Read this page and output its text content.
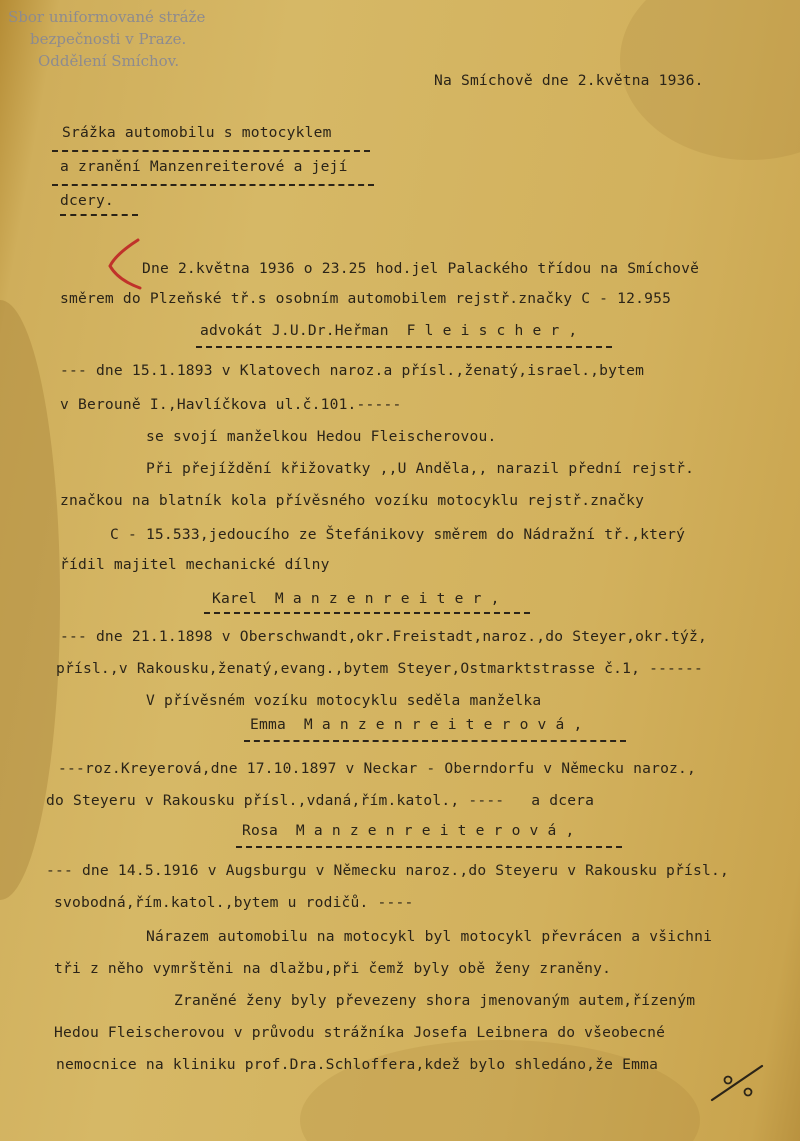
Sbor uniformované stráže
bezpečnosti v Praze.
Oddělení Smíchov.
Na Smíchově dne 2.května 1936.
Srážka automobilu s motocyklem
a zranění Manzenreiterové a její
dcery.
Dne 2.května 1936 o 23.25 hod.jel Palackého třídou na Smíchově
směrem do Plzeňské tř.s osobním automobilem rejstř.značky C - 12.955
advokát J.U.Dr.Heřman  F l e i s c h e r ,
--- dne 15.1.1893 v Klatovech naroz.a přísl.,ženatý,israel.,bytem
v Berouně I.,Havlíčkova ul.č.101.-----
se svojí manželkou Hedou Fleischerovou.
Při přejíždění křižovatky ,,U Anděla,, narazil přední rejstř.
značkou na blatník kola přívěsného vozíku motocyklu rejstř.značky
C - 15.533,jedoucího ze Štefánikovy směrem do Nádražní tř.,který
řídil majitel mechanické dílny
Karel  M a n z e n r e i t e r ,
--- dne 21.1.1898 v Oberschwandt,okr.Freistadt,naroz.,do Steyer,okr.týž,
přísl.,v Rakousku,ženatý,evang.,bytem Steyer,Ostmarktstrasse č.1, ------
V přívěsném vozíku motocyklu seděla manželka
Emma  M a n z e n r e i t e r o v á ,
---roz.Kreyerová,dne 17.10.1897 v Neckar - Oberndorfu v Německu naroz.,
do Steyeru v Rakousku přísl.,vdaná,řím.katol., ----   a dcera
Rosa  M a n z e n r e i t e r o v á ,
--- dne 14.5.1916 v Augsburgu v Německu naroz.,do Steyeru v Rakousku přísl.,
svobodná,řím.katol.,bytem u rodičů. ----
Nárazem automobilu na motocykl byl motocykl převrácen a všichni
tři z něho vymrštěni na dlažbu,při čemž byly obě ženy zraněny.
Zraněné ženy byly převezeny shora jmenovaným autem,řízeným
Hedou Fleischerovou v průvodu strážníka Josefa Leibnera do všeobecné
nemocnice na kliniku prof.Dra.Schloffera,kdež bylo shledáno,že Emma
